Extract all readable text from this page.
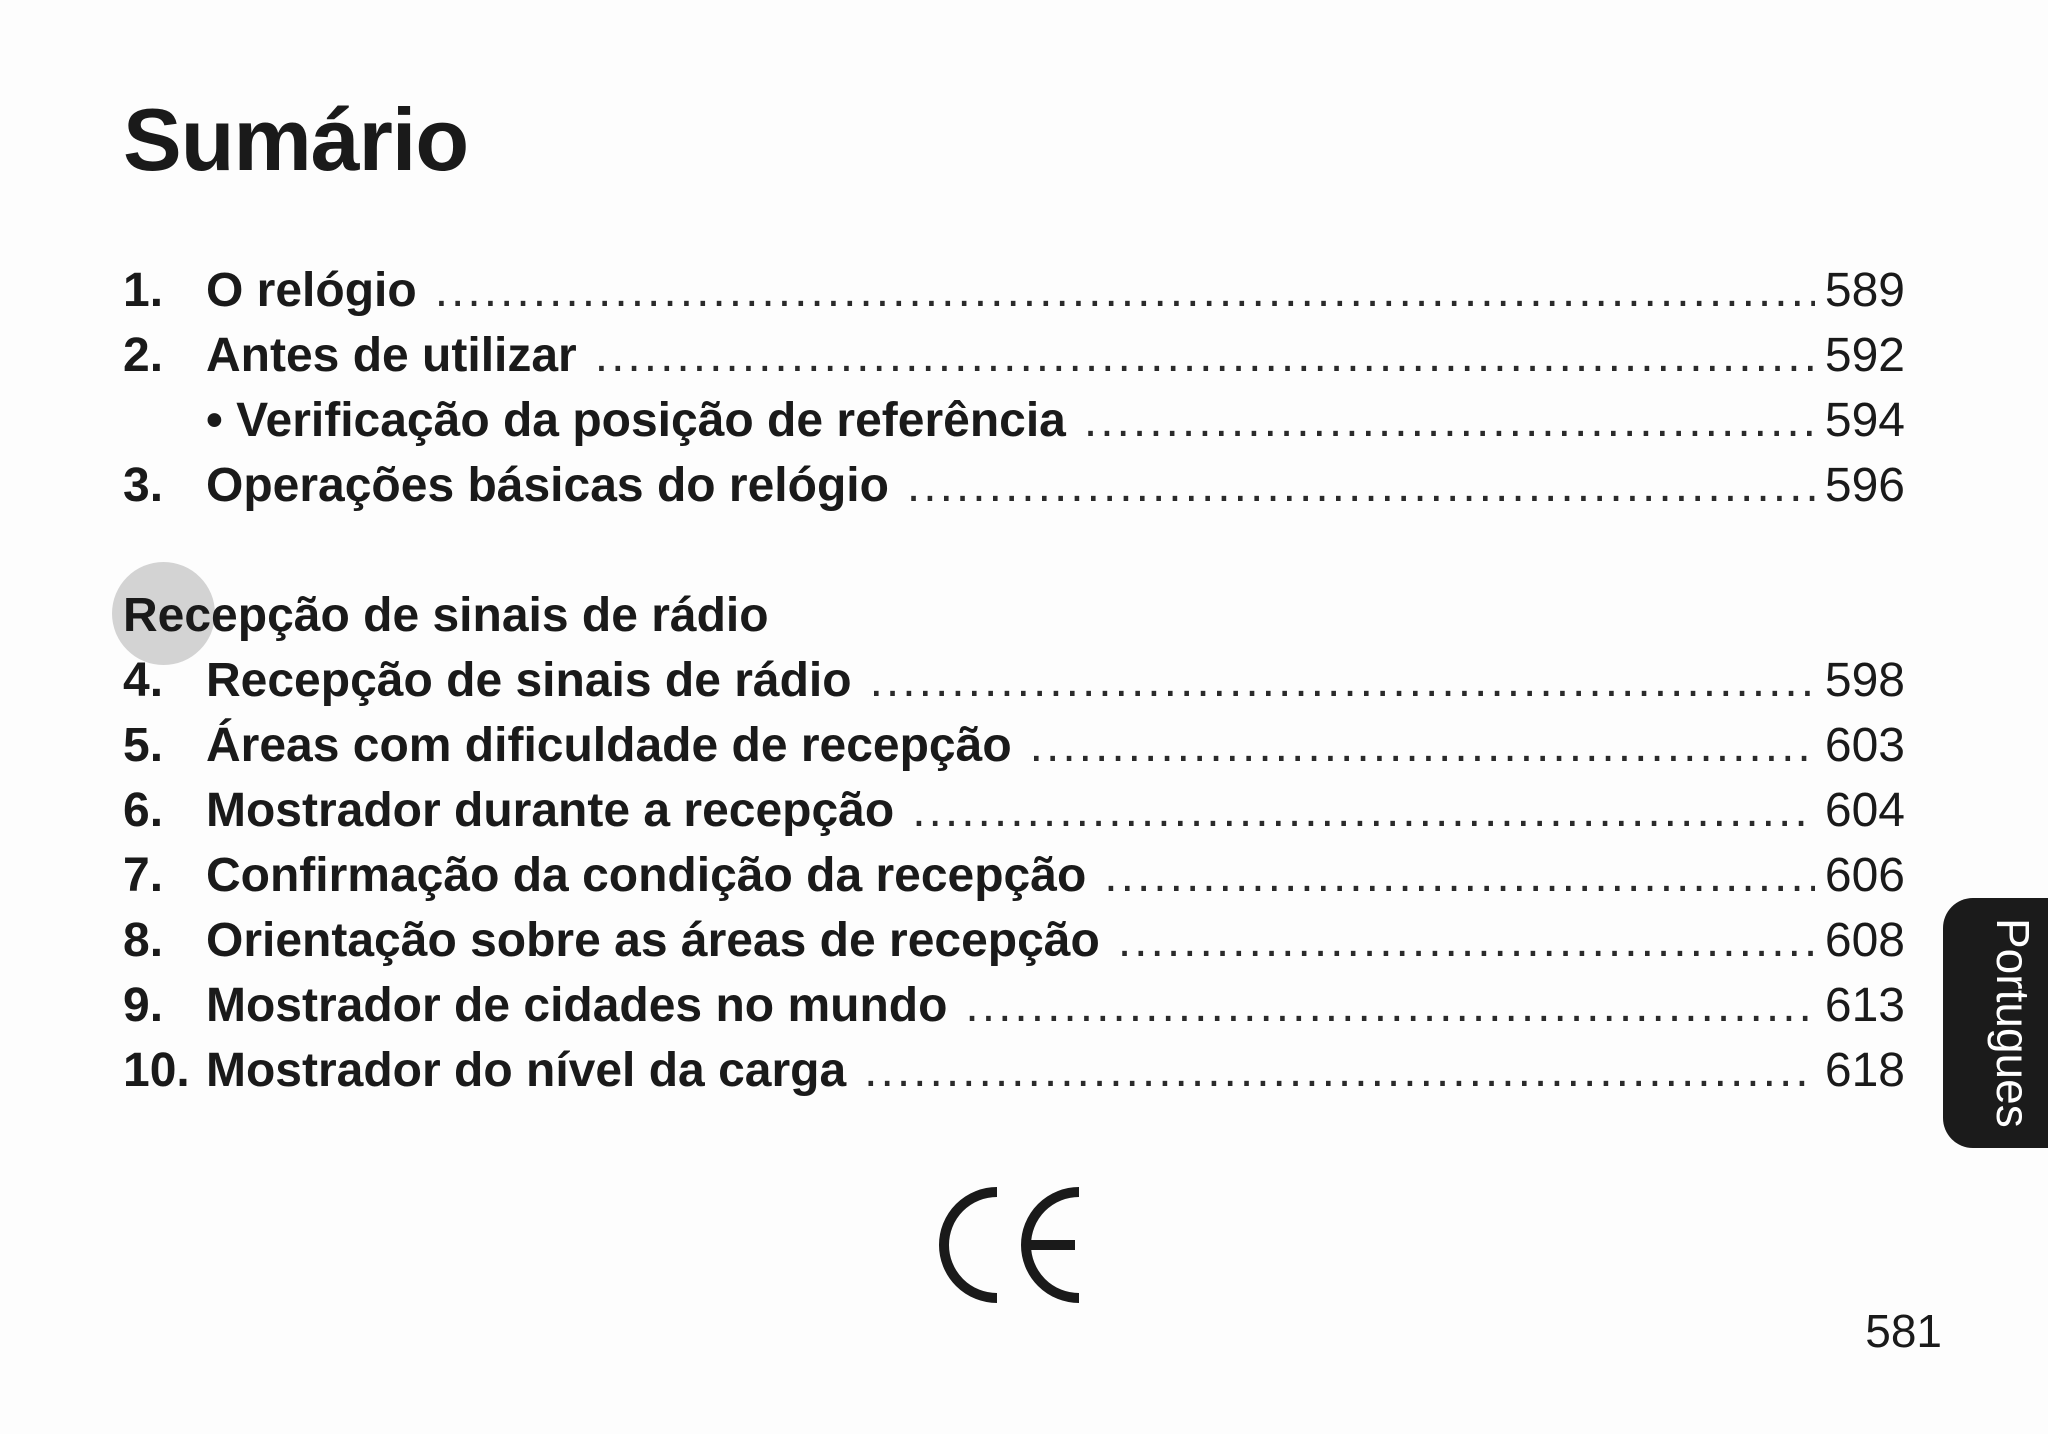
Sumário
1. O relógio .....	589
2. Antes de utilizar .....	592
• Verificação da posição de referência .....	594
3. Operações básicas do relógio .....	596
Recepção de sinais de rádio
4. Recepção de sinais de rádio .....	598
5. Áreas com dificuldade de recepção .....	603
6. Mostrador durante a recepção .....	604
7. Confirmação da condição da recepção .....	606
8. Orientação sobre as áreas de recepção .....	608
9. Mostrador de cidades no mundo .....	613
10. Mostrador do nível da carga .....	618 Portugues
581
